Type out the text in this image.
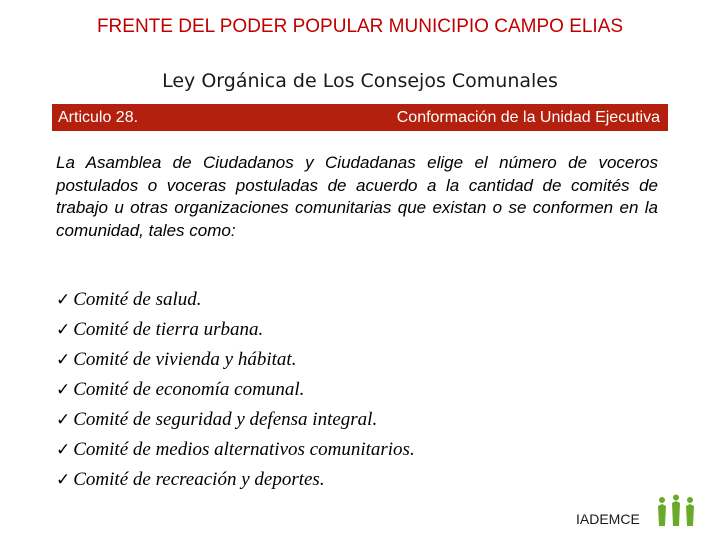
FRENTE DEL PODER POPULAR MUNICIPIO CAMPO ELIAS
Ley Orgánica de Los Consejos Comunales
Articulo 28.	Conformación de la Unidad Ejecutiva
La Asamblea de Ciudadanos y Ciudadanas elige el número de voceros postulados o voceras postuladas de acuerdo a la cantidad de comités de trabajo u otras organizaciones comunitarias que existan o se conformen en la comunidad, tales como:
✓ Comité de salud.
✓ Comité de tierra urbana.
✓ Comité de vivienda y hábitat.
✓ Comité de economía comunal.
✓ Comité de seguridad y defensa integral.
✓ Comité de medios alternativos comunitarios.
✓ Comité de recreación y deportes.
IADEMCE
